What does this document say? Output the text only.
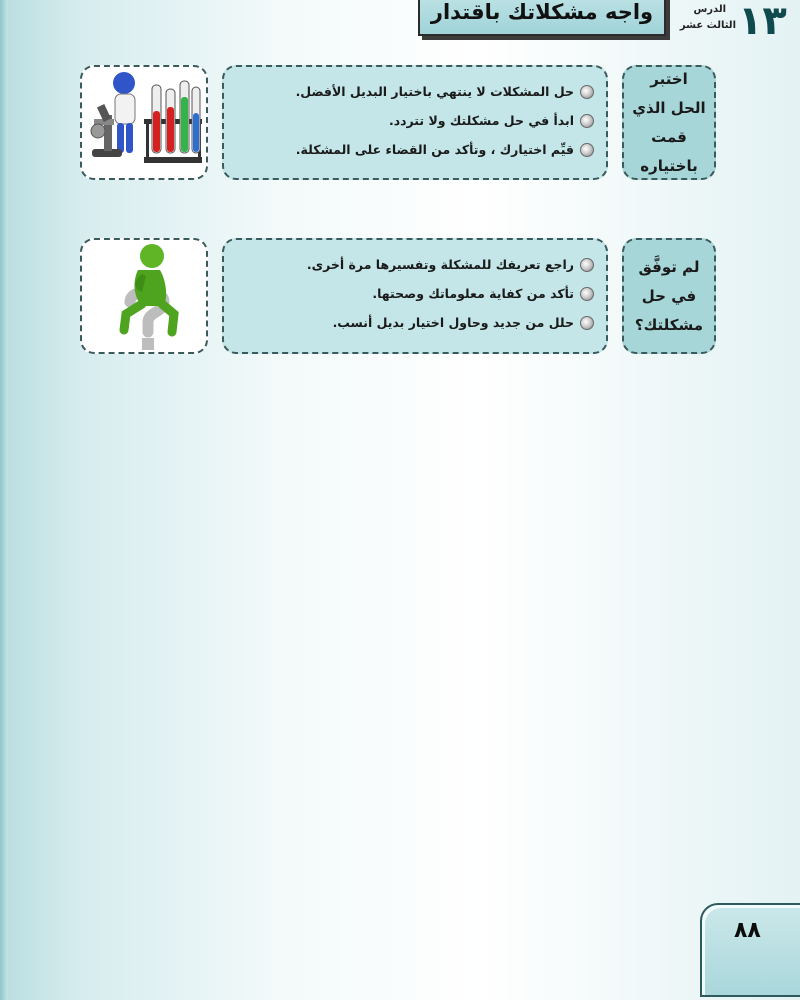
واجه مشكلاتك باقتدار ١٣
الدرس
الثالث عشر
اختبر الحل الذي قمت باختياره
حل المشكلات لا ينتهي باختيار البديل الأفضل.
ابدأ في حل مشكلتك ولا تتردد.
قيِّم اختيارك ، وتأكد من القضاء على المشكلة.
لم توفَّق في حل مشكلتك؟
راجع تعريفك للمشكلة وتفسيرها مرة أخرى.
تأكد من كفاية معلوماتك وصحتها.
حلل من جديد وحاول اختيار بديل أنسب.
٨٨
